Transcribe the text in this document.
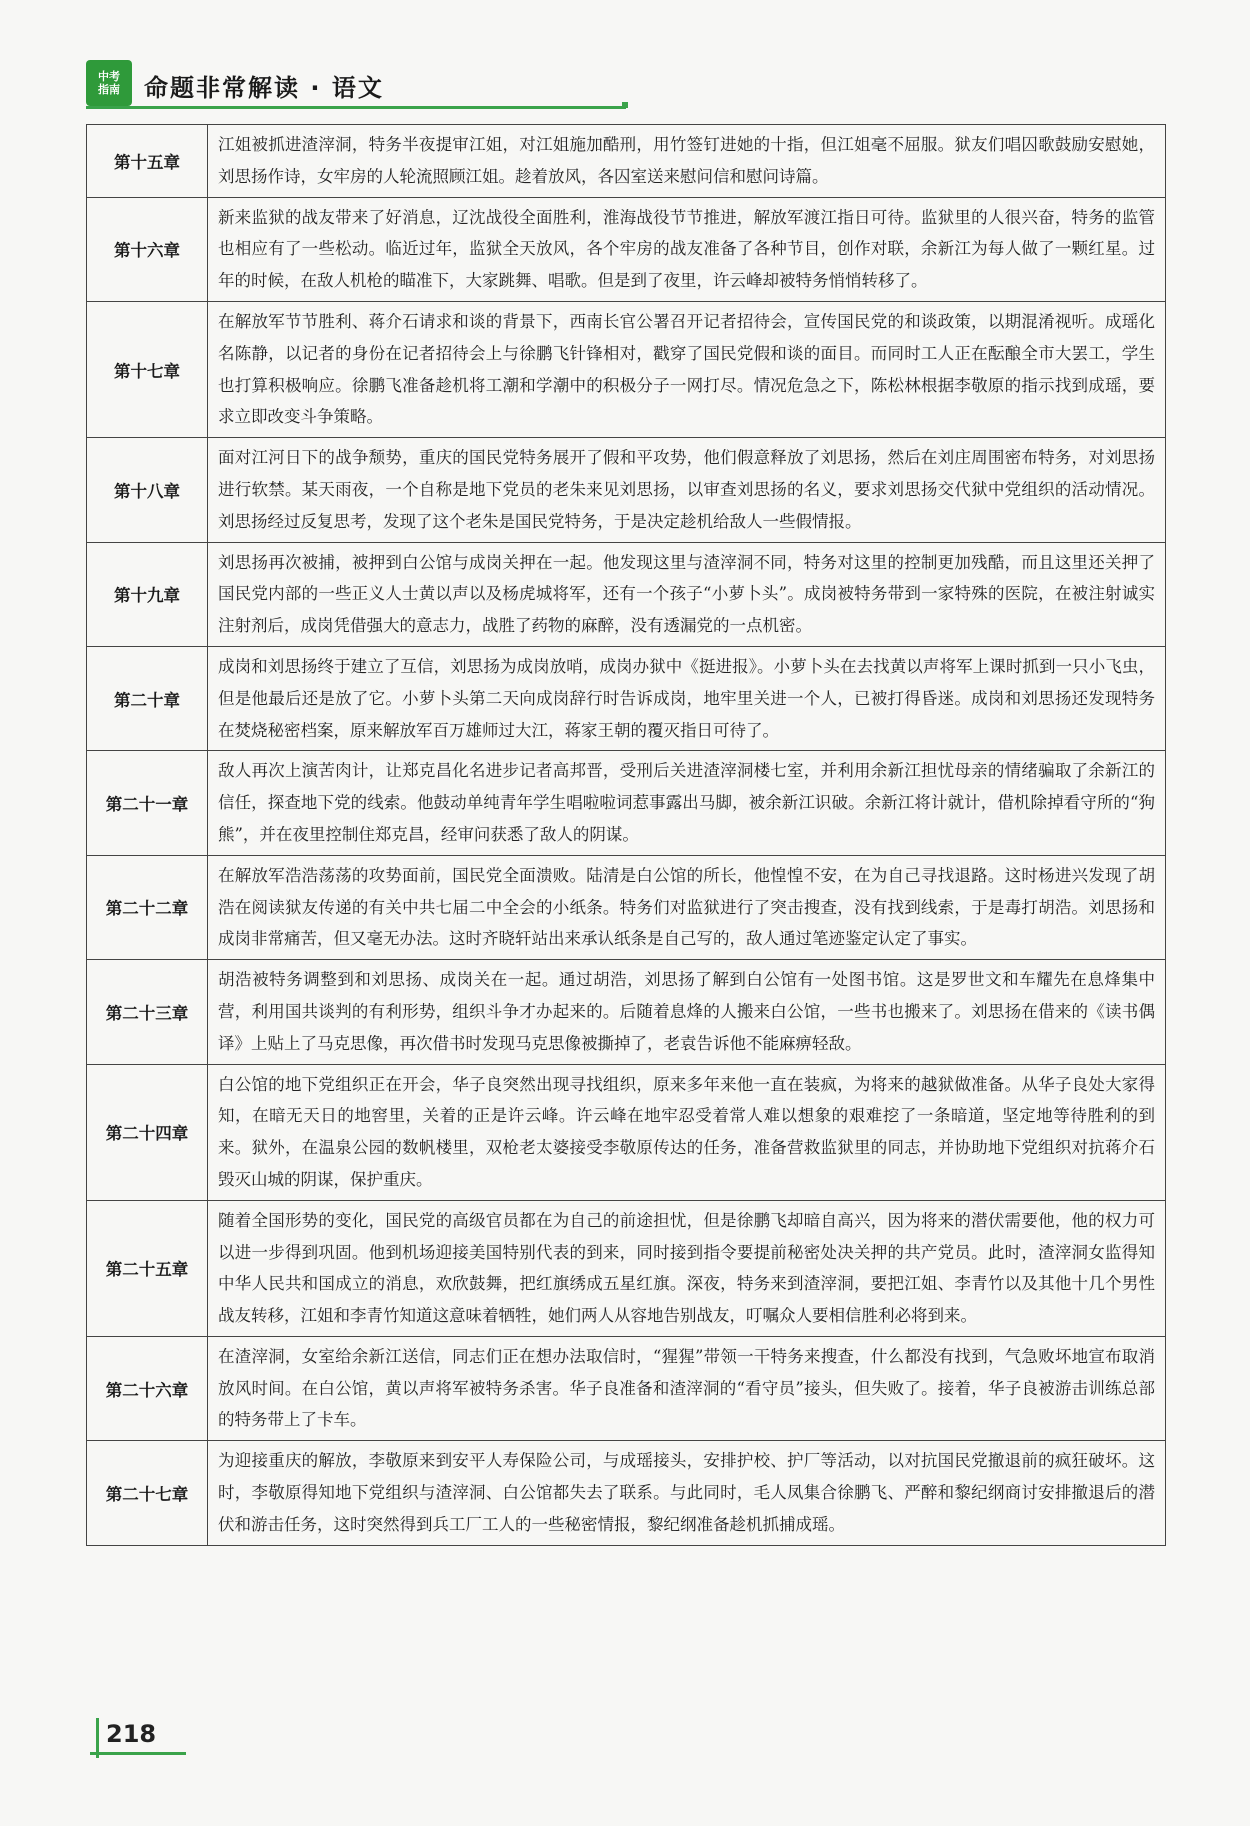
中考指南 命题非常解读 · 语文
第十五章	江姐被抓进渣滓洞，特务半夜提审江姐，对江姐施加酷刑，用竹签钉进她的十指，但江姐毫不屈服。狱友们唱囚歌鼓励安慰她，刘思扬作诗，女牢房的人轮流照顾江姐。趁着放风，各囚室送来慰问信和慰问诗篇。
第十六章	新来监狱的战友带来了好消息，辽沈战役全面胜利，淮海战役节节推进，解放军渡江指日可待。监狱里的人很兴奋，特务的监管也相应有了一些松动。临近过年，监狱全天放风，各个牢房的战友准备了各种节目，创作对联，余新江为每人做了一颗红星。过年的时候，在敌人机枪的瞄准下，大家跳舞、唱歌。但是到了夜里，许云峰却被特务悄悄转移了。
第十七章	在解放军节节胜利、蒋介石请求和谈的背景下，西南长官公署召开记者招待会，宣传国民党的和谈政策，以期混淆视听。成瑶化名陈静，以记者的身份在记者招待会上与徐鹏飞针锋相对，戳穿了国民党假和谈的面目。而同时工人正在酝酿全市大罢工，学生也打算积极响应。徐鹏飞准备趁机将工潮和学潮中的积极分子一网打尽。情况危急之下，陈松林根据李敬原的指示找到成瑶，要求立即改变斗争策略。
第十八章	面对江河日下的战争颓势，重庆的国民党特务展开了假和平攻势，他们假意释放了刘思扬，然后在刘庄周围密布特务，对刘思扬进行软禁。某天雨夜，一个自称是地下党员的老朱来见刘思扬，以审查刘思扬的名义，要求刘思扬交代狱中党组织的活动情况。刘思扬经过反复思考，发现了这个老朱是国民党特务，于是决定趁机给敌人一些假情报。
第十九章	刘思扬再次被捕，被押到白公馆与成岗关押在一起。他发现这里与渣滓洞不同，特务对这里的控制更加残酷，而且这里还关押了国民党内部的一些正义人士黄以声以及杨虎城将军，还有一个孩子“小萝卜头”。成岗被特务带到一家特殊的医院，在被注射诚实注射剂后，成岗凭借强大的意志力，战胜了药物的麻醉，没有透漏党的一点机密。
第二十章	成岗和刘思扬终于建立了互信，刘思扬为成岗放哨，成岗办狱中《挺进报》。小萝卜头在去找黄以声将军上课时抓到一只小飞虫，但是他最后还是放了它。小萝卜头第二天向成岗辞行时告诉成岗，地牢里关进一个人，已被打得昏迷。成岗和刘思扬还发现特务在焚烧秘密档案，原来解放军百万雄师过大江，蒋家王朝的覆灭指日可待了。
第二十一章	敌人再次上演苦肉计，让郑克昌化名进步记者高邦晋，受刑后关进渣滓洞楼七室，并利用余新江担忧母亲的情绪骗取了余新江的信任，探查地下党的线索。他鼓动单纯青年学生唱啦啦词惹事露出马脚，被余新江识破。余新江将计就计，借机除掉看守所的“狗熊”，并在夜里控制住郑克昌，经审问获悉了敌人的阴谋。
第二十二章	在解放军浩浩荡荡的攻势面前，国民党全面溃败。陆清是白公馆的所长，他惶惶不安，在为自己寻找退路。这时杨进兴发现了胡浩在阅读狱友传递的有关中共七届二中全会的小纸条。特务们对监狱进行了突击搜查，没有找到线索，于是毒打胡浩。刘思扬和成岗非常痛苦，但又毫无办法。这时齐晓轩站出来承认纸条是自己写的，敌人通过笔迹鉴定认定了事实。
第二十三章	胡浩被特务调整到和刘思扬、成岗关在一起。通过胡浩，刘思扬了解到白公馆有一处图书馆。这是罗世文和车耀先在息烽集中营，利用国共谈判的有利形势，组织斗争才办起来的。后随着息烽的人搬来白公馆，一些书也搬来了。刘思扬在借来的《读书偶译》上贴上了马克思像，再次借书时发现马克思像被撕掉了，老袁告诉他不能麻痹轻敌。
第二十四章	白公馆的地下党组织正在开会，华子良突然出现寻找组织，原来多年来他一直在装疯，为将来的越狱做准备。从华子良处大家得知，在暗无天日的地窖里，关着的正是许云峰。许云峰在地牢忍受着常人难以想象的艰难挖了一条暗道，坚定地等待胜利的到来。狱外，在温泉公园的数帆楼里，双枪老太婆接受李敬原传达的任务，准备营救监狱里的同志，并协助地下党组织对抗蒋介石毁灭山城的阴谋，保护重庆。
第二十五章	随着全国形势的变化，国民党的高级官员都在为自己的前途担忧，但是徐鹏飞却暗自高兴，因为将来的潜伏需要他，他的权力可以进一步得到巩固。他到机场迎接美国特别代表的到来，同时接到指令要提前秘密处决关押的共产党员。此时，渣滓洞女监得知中华人民共和国成立的消息，欢欣鼓舞，把红旗绣成五星红旗。深夜，特务来到渣滓洞，要把江姐、李青竹以及其他十几个男性战友转移，江姐和李青竹知道这意味着牺牲，她们两人从容地告别战友，叮嘱众人要相信胜利必将到来。
第二十六章	在渣滓洞，女室给余新江送信，同志们正在想办法取信时，“猩猩”带领一干特务来搜查，什么都没有找到，气急败坏地宣布取消放风时间。在白公馆，黄以声将军被特务杀害。华子良准备和渣滓洞的“看守员”接头，但失败了。接着，华子良被游击训练总部的特务带上了卡车。
第二十七章	为迎接重庆的解放，李敬原来到安平人寿保险公司，与成瑶接头，安排护校、护厂等活动，以对抗国民党撤退前的疯狂破坏。这时，李敬原得知地下党组织与渣滓洞、白公馆都失去了联系。与此同时，毛人凤集合徐鹏飞、严醉和黎纪纲商讨安排撤退后的潜伏和游击任务，这时突然得到兵工厂工人的一些秘密情报，黎纪纲准备趁机抓捕成瑶。
218
